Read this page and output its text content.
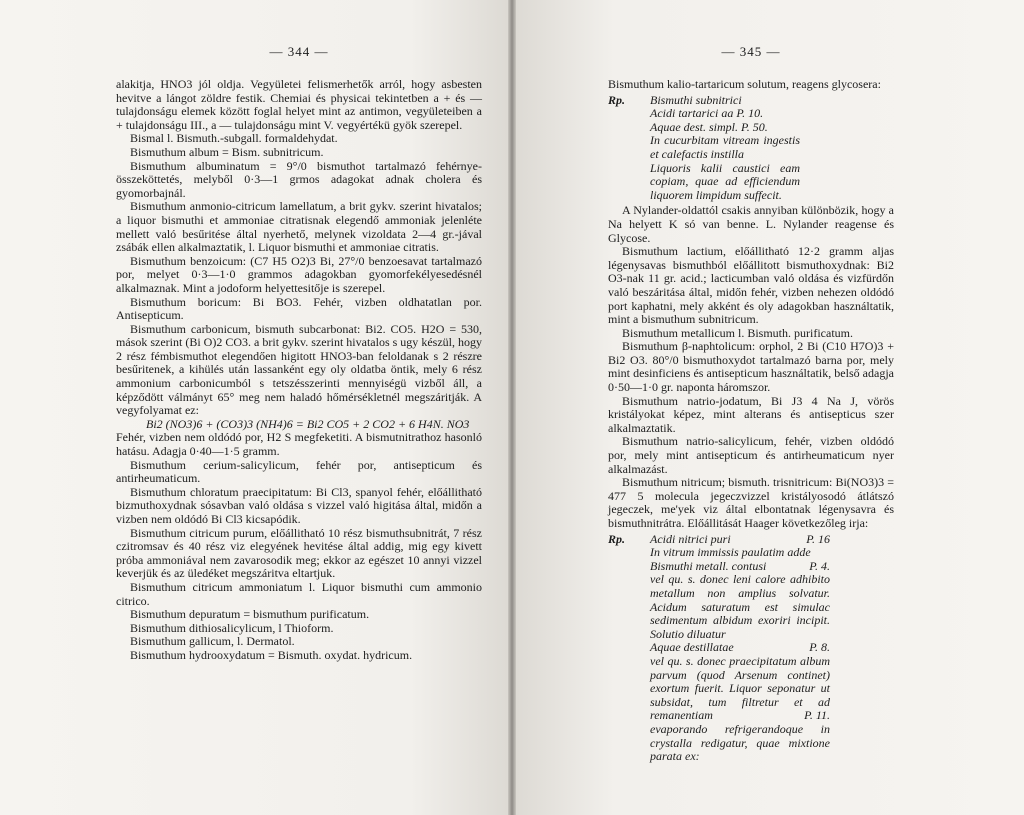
— 344 —

alakitja, HNO3 jól oldja. Vegyületei felismerhetők arról, hogy asbesten hevitve a lángot zöldre festik. Chemiai és physicai tekintetben a + és — tulajdonságu elemek között foglal helyet mint az antimon, vegyületeiben a + tulajdonságu III., a — tulajdonságu mint V. vegyértékü gyök szerepel.

Bismal l. Bismuth.-subgall. formaldehydat.

Bismuthum album = Bism. subnitricum.

Bismuthum albuminatum = 9°/0 bismuthot tartalmazó fehérnye-összeköttetés, melyből 0·3—1 grmos adagokat adnak cholera és gyomorbajnál.

Bismuthum anmonio-citricum lamellatum, a brit gykv. szerint hivatalos; a liquor bismuthi et ammoniae citratisnak elegendő ammoniak jelenléte mellett való besűritése által nyerhető, melynek vizoldata 2—4 gr.-jával zsábák ellen alkalmaztatik, l. Liquor bismuthi et ammoniae citratis.

Bismuthum benzoicum: (C7 H5 O2)3 Bi, 27°/0 benzoesavat tartalmazó por, melyet 0·3—1·0 grammos adagokban gyomorfekélyesedésnél alkalmaznak. Mint a jodoform helyettesitője is szerepel.

Bismuthum boricum: Bi BO3. Fehér, vizben oldhatatlan por. Antisepticum.

Bismuthum carbonicum, bismuth subcarbonat: Bi2. CO5. H2O = 530, mások szerint (Bi O)2 CO3. a brit gykv. szerint hivatalos s ugy készül, hogy 2 rész fémbismuthot elegendően higitott HNO3-ban feloldanak s 2 részre besűritenek, a kihülés után lassanként egy oly oldatba öntik, mely 6 rész ammonium carbonicumból s tetszésszerinti mennyiségü vizből áll, a képződött válmányt 65° meg nem haladó hőmérsékletnél megszáritják. A vegyfolyamat ez:

Bi2 (NO3)6 + (CO3)3 (NH4)6 = Bi2 CO5 + 2 CO2 + 6 H4N. NO3

Fehér, vizben nem oldódó por, H2 S megfeketiti. A bismutnitrathoz hasonló hatásu. Adagja 0·40—1·5 gramm.

Bismuthum cerium-salicylicum, fehér por, antisepticum és antirheumaticum.

Bismuthum chloratum praecipitatum: Bi Cl3, spanyol fehér, előállitható bizmuthoxydnak sósavban való oldása s vizzel való higitása által, midőn a vizben nem oldódó Bi Cl3 kicsapódik.

Bismuthum citricum purum, előállitható 10 rész bismuthsubnitrát, 7 rész czitromsav és 40 rész viz elegyének hevitése által addig, mig egy kivett próba ammoniával nem zavarosodik meg; ekkor az egészet 10 annyi vizzel keverjük és az üledéket megszáritva eltartjuk.

Bismuthum citricum ammoniatum l. Liquor bismuthi cum ammonio citrico.

Bismuthum depuratum = bismuthum purificatum.

Bismuthum dithiosalicylicum, l Thioform.

Bismuthum gallicum, l. Dermatol.

Bismuthum hydrooxydatum = Bismuth. oxydat. hydricum.

— 345 —

Bismuthum kalio-tartaricum solutum, reagens glycosera:

Rp.	Bismuthi subnitrici
Acidi tartarici aa P. 10.
Aquae dest. simpl. P. 50.
In cucurbitam vitream ingestis et calefactis instilla
Liquoris kalii caustici eam copiam, quae ad efficiendum liquorem limpidum suffecit.

A Nylander-oldattól csakis annyiban különbözik, hogy a Na helyett K só van benne. L. Nylander reagense és Glycose.

Bismuthum lactium, előállitható 12·2 gramm aljas légenysavas bismuthból előállitott bismuthoxydnak: Bi2 O3-nak 11 gr. acid.; lacticumban való oldása és vizfürdőn való beszáritása által, midőn fehér, vizben nehezen oldódó port kaphatni, mely akként és oly adagokban használtatik, mint a bismuthum subnitricum.

Bismuthum metallicum l. Bismuth. purificatum.

Bismuthum β-naphtolicum: orphol, 2 Bi (C10 H7O)3 + Bi2 O3. 80°/0 bismuthoxydot tartalmazó barna por, mely mint desinficiens és antisepticum használtatik, belső adagja 0·50—1·0 gr. naponta háromszor.

Bismuthum natrio-jodatum, Bi J3 4 Na J, vörös kristályokat képez, mint alterans és antisepticus szer alkalmaztatik.

Bismuthum natrio-salicylicum, fehér, vizben oldódó por, mely mint antisepticum és antirheumaticum nyer alkalmazást.

Bismuthum nitricum; bismuth. trisnitricum: Bi(NO3)3 = 477 5 molecula jegeczvizzel kristályosodó átlátszó jegeczek, me'yek viz által elbontatnak légenysavra és bismuthnitrátra. Előállitását Haager következőleg irja:

Rp.	Acidi nitrici puri	P. 16
In vitrum immissis paulatim adde
Bismuthi metall. contusi	P. 4.
vel qu. s. donec leni calore adhibito metallum non amplius solvatur. Acidum saturatum est simulac sedimentum albidum exoriri incipit. Solutio diluatur
Aquae destillatae	P. 8.
vel qu. s. donec praecipitatum album parvum (quod Arsenum continet) exortum fuerit. Liquor seponatur ut subsidat, tum filtretur et ad remanentiam	P. 11.
evaporando refrigerandoque in crystalla redigatur, quae mixtione parata ex:
